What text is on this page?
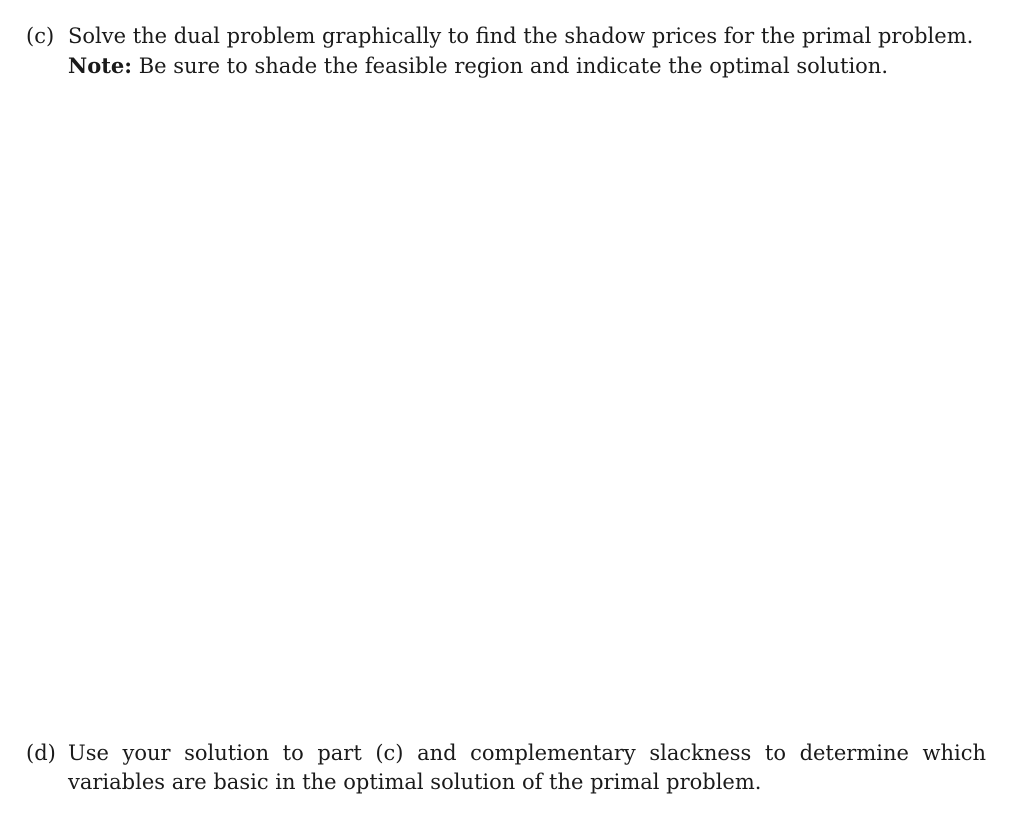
(c) Solve the dual problem graphically to find the shadow prices for the primal problem.
Note: Be sure to shade the feasible region and indicate the optimal solution.
(d) Use your solution to part (c) and complementary slackness to determine which variables are basic in the optimal solution of the primal problem.
